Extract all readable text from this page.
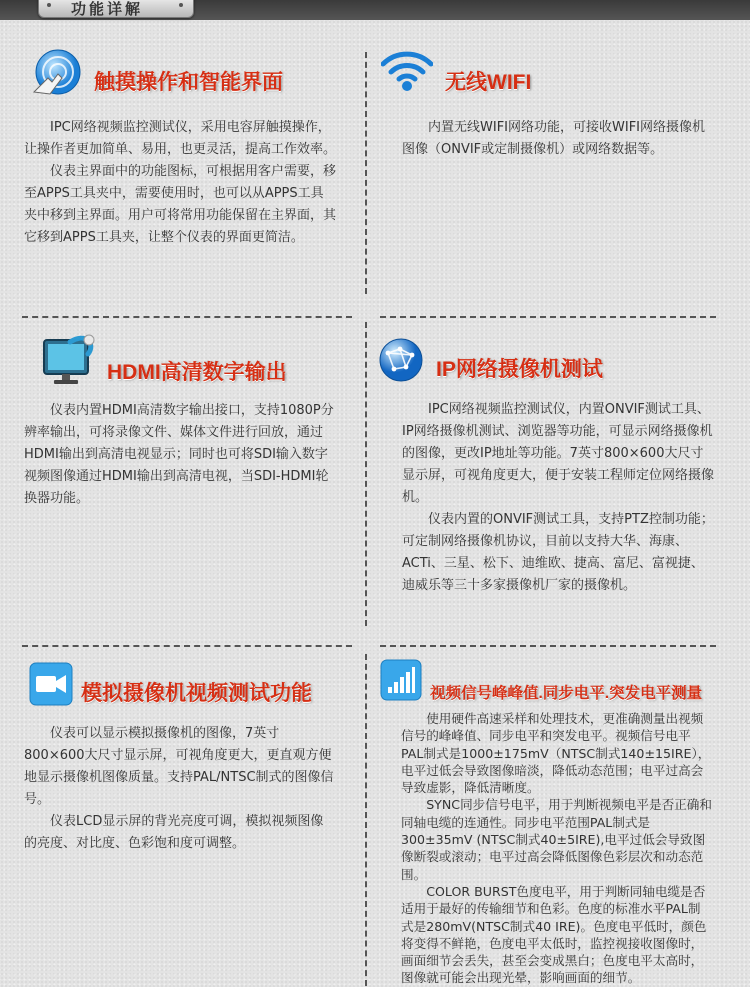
功能详解
触摸操作和智能界面

IPC网络视频监控测试仪，采用电容屏触摸操作，让操作者更加简单、易用，也更灵活，提高工作效率。

仪表主界面中的功能图标，可根据用客户需要，移至APPS工具夹中，需要使用时，也可以从APPS工具夹中移到主界面。用户可将常用功能保留在主界面，其它移到APPS工具夹，让整个仪表的界面更简洁。

无线WIFI

内置无线WIFI网络功能，可接收WIFI网络摄像机图像（ONVIF或定制摄像机）或网络数据等。

HDMI高清数字输出

仪表内置HDMI高清数字输出接口，支持1080P分辨率输出，可将录像文件、媒体文件进行回放，通过HDMI输出到高清电视显示；同时也可将SDI输入数字视频图像通过HDMI输出到高清电视，当SDI-HDMI轮换器功能。

IP网络摄像机测试

IPC网络视频监控测试仪，内置ONVIF测试工具、IP网络摄像机测试、浏览器等功能，可显示网络摄像机的图像，更改IP地址等功能。7英寸800×600大尺寸显示屏，可视角度更大，便于安装工程师定位网络摄像机。

仪表内置的ONVIF测试工具，支持PTZ控制功能；可定制网络摄像机协议，目前以支持大华、海康、ACTi、三星、松下、迪维欧、捷高、富尼、富视捷、迪威乐等三十多家摄像机厂家的摄像机。

模拟摄像机视频测试功能

仪表可以显示模拟摄像机的图像，7英寸800×600大尺寸显示屏，可视角度更大，更直观方便地显示摄像机图像质量。支持PAL/NTSC制式的图像信号。

仪表LCD显示屏的背光亮度可调，模拟视频图像的亮度、对比度、色彩饱和度可调整。

视频信号峰峰值.同步电平.突发电平测量

使用硬件高速采样和处理技术，更准确测量出视频信号的峰峰值、同步电平和突发电平。视频信号电平PAL制式是1000±175mV（NTSC制式140±15IRE），电平过低会导致图像暗淡，降低动态范围；电平过高会导致虚影，降低清晰度。

SYNC同步信号电平，用于判断视频电平是否正确和同轴电缆的连通性。同步电平范围PAL制式是300±35mV (NTSC制式40±5IRE),电平过低会导致图像断裂或滚动；电平过高会降低图像色彩层次和动态范围。

COLOR BURST色度电平，用于判断同轴电缆是否适用于最好的传输细节和色彩。色度的标准水平PAL制式是280mV(NTSC制式40 IRE)。色度电平低时，颜色将变得不鲜艳，色度电平太低时，监控视接收图像时，画面细节会丢失，甚至会变成黑白；色度电平太高时，图像就可能会出现光晕，影响画面的细节。
